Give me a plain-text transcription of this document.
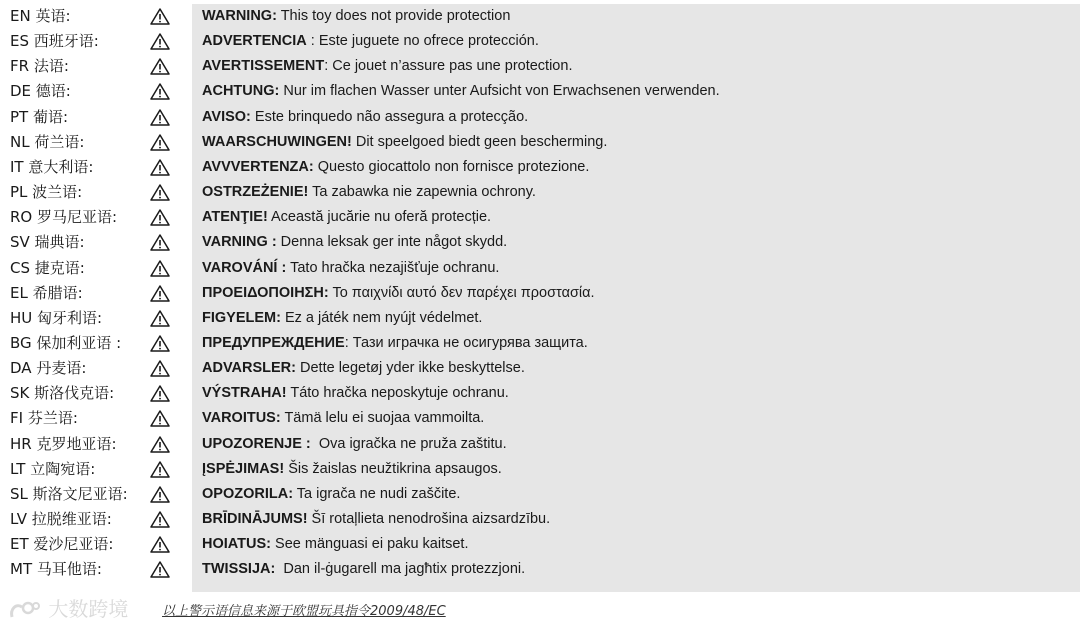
EN 英语:	WARNING: This toy does not provide protection
ES 西班牙语:	ADVERTENCIA : Este juguete no ofrece protección.
FR 法语:	AVERTISSEMENT: Ce jouet n’assure pas une protection.
DE 德语:	ACHTUNG: Nur im flachen Wasser unter Aufsicht von Erwachsenen verwenden.
PT 葡语:	AVISO: Este brinquedo não assegura a protecção.
NL 荷兰语:	WAARSCHUWINGEN! Dit speelgoed biedt geen bescherming.
IT 意大利语:	AVVVERTENZA: Questo giocattolo non fornisce protezione.
PL 波兰语:	OSTRZEŻENIE! Ta zabawka nie zapewnia ochrony.
RO 罗马尼亚语:	ATENŢIE! Această jucărie nu oferă protecție.
SV 瑞典语:	VARNING : Denna leksak ger inte något skydd.
CS 捷克语:	VAROVÁNÍ : Tato hračka nezajišťuje ochranu.
EL 希腊语:	ΠΡΟΕΙΔΟΠΟΙΗΣΗ: Το παιχνίδι αυτό δεν παρέχει προστασία.
HU 匈牙利语:	FIGYELEM: Ez a játék nem nyújt védelmet.
BG 保加利亚语 :	ПРЕДУПРЕЖДЕНИЕ: Тази играчка не осигурява защита.
DA 丹麦语:	ADVARSLER: Dette legetøj yder ikke beskyttelse.
SK 斯洛伐克语:	VÝSTRAHA! Táto hračka neposkytuje ochranu.
FI 芬兰语:	VAROITUS: Tämä lelu ei suojaa vammoilta.
HR 克罗地亚语:	UPOZORENJE :  Ova igračka ne pruža zaštitu.
LT 立陶宛语:	ĮSPĖJIMAS! Šis žaislas neužtikrina apsaugos.
SL 斯洛文尼亚语:	OPOZORILA: Ta igrača ne nudi zaščite.
LV 拉脱维亚语:	BRĪDINĀJUMS! Šī rotaļlieta nenodrošina aizsardzību.
ET 爱沙尼亚语:	HOIATUS: See mänguasi ei paku kaitset.
MT 马耳他语:	TWISSIJA:  Dan il-ġugarell ma jagħtix protezzjoni.
大数跨境	以上警示语信息来源于欧盟玩具指令2009/48/EC
